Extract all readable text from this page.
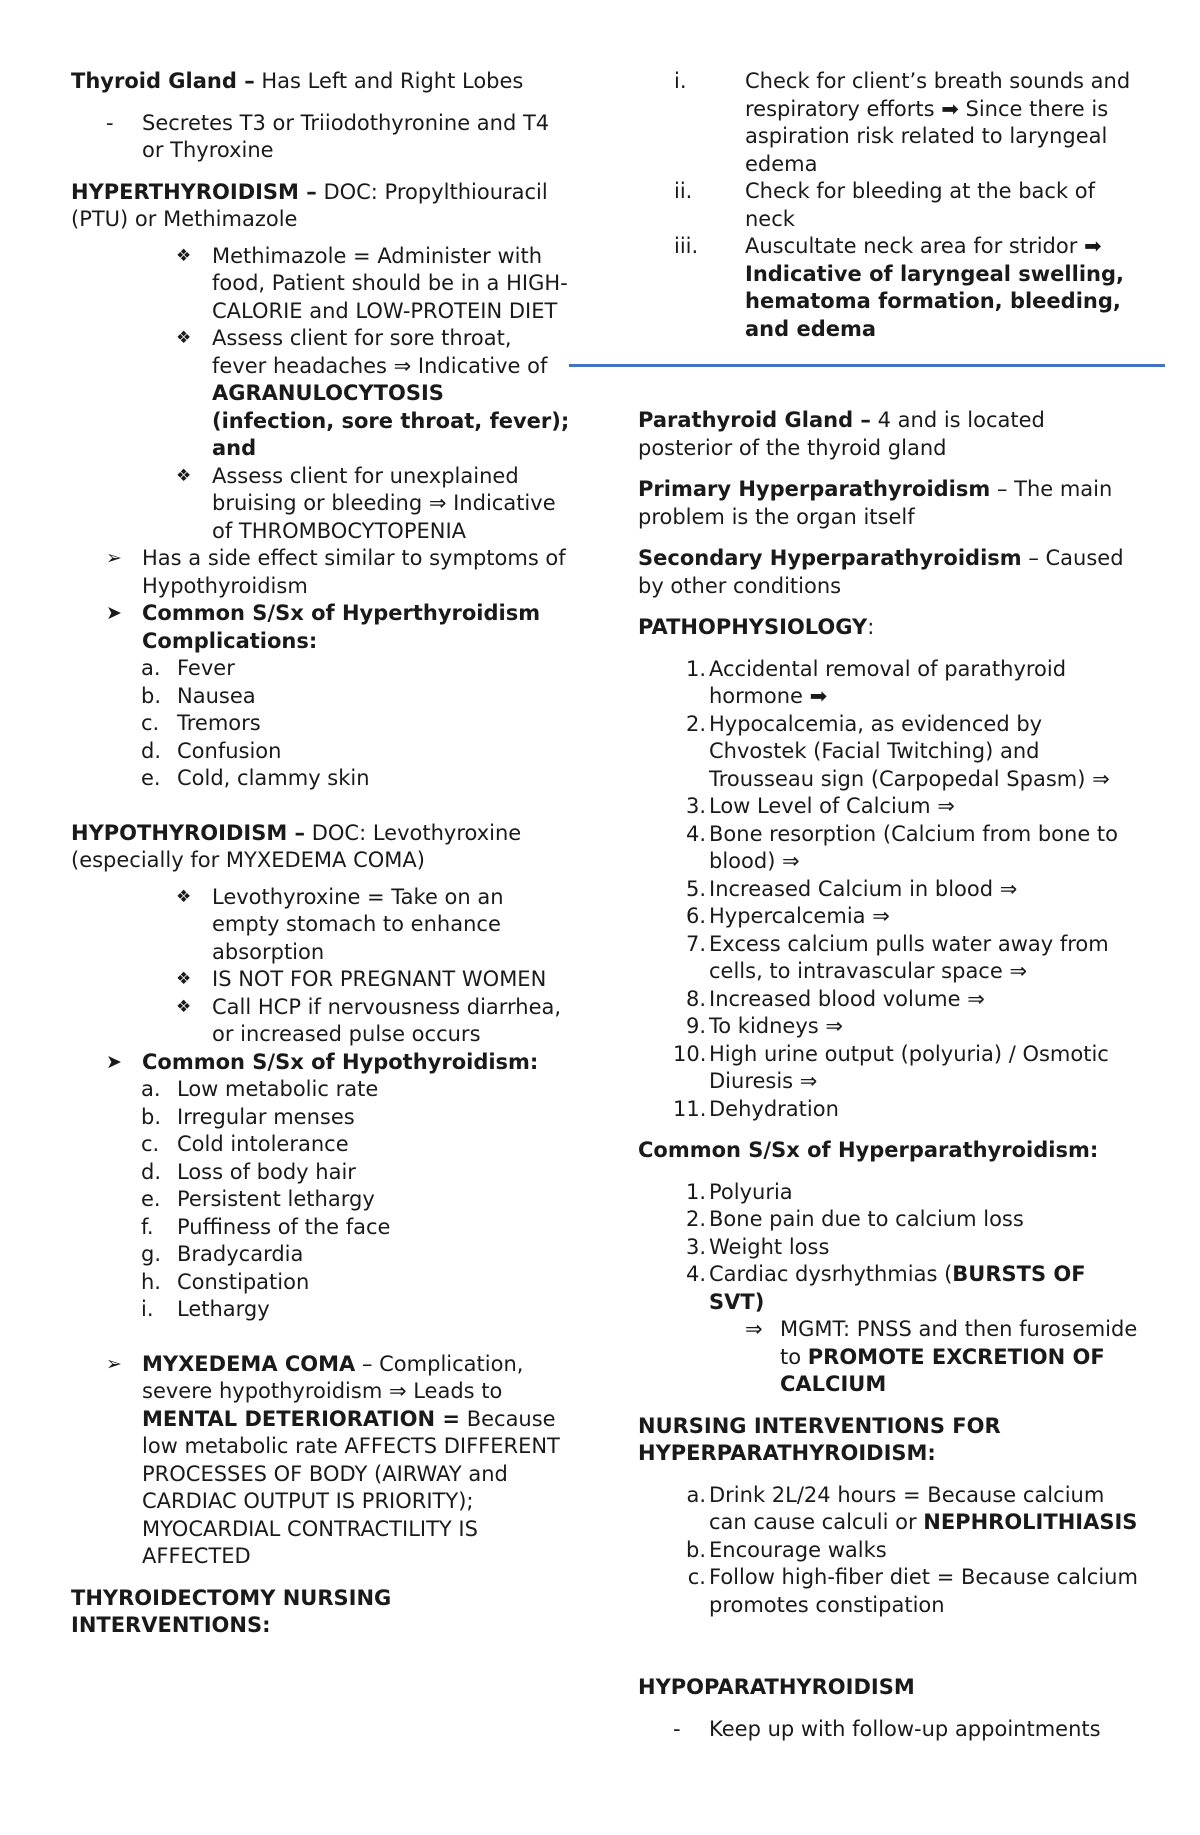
Thyroid Gland – Has Left and Right Lobes

- Secretes T3 or Triiodothyronine and T4 or Thyroxine

HYPERTHYROIDISM – DOC: Propylthiouracil (PTU) or Methimazole

❖ Methimazole = Administer with food, Patient should be in a HIGH-CALORIE and LOW-PROTEIN DIET
❖ Assess client for sore throat, fever headaches ⇒ Indicative of AGRANULOCYTOSIS (infection, sore throat, fever); and
❖ Assess client for unexplained bruising or bleeding ⇒ Indicative of THROMBOCYTOPENIA
➢ Has a side effect similar to symptoms of Hypothyroidism
➤ Common S/Sx of Hyperthyroidism Complications:
a. Fever
b. Nausea
c. Tremors
d. Confusion
e. Cold, clammy skin

HYPOTHYROIDISM – DOC: Levothyroxine (especially for MYXEDEMA COMA)

❖ Levothyroxine = Take on an empty stomach to enhance absorption
❖ IS NOT FOR PREGNANT WOMEN
❖ Call HCP if nervousness diarrhea, or increased pulse occurs
➤ Common S/Sx of Hypothyroidism:
a. Low metabolic rate
b. Irregular menses
c. Cold intolerance
d. Loss of body hair
e. Persistent lethargy
f. Puffiness of the face
g. Bradycardia
h. Constipation
i. Lethargy
➢ MYXEDEMA COMA – Complication, severe hypothyroidism ⇒ Leads to MENTAL DETERIORATION = Because low metabolic rate AFFECTS DIFFERENT PROCESSES OF BODY (AIRWAY and CARDIAC OUTPUT IS PRIORITY); MYOCARDIAL CONTRACTILITY IS AFFECTED

THYROIDECTOMY NURSING INTERVENTIONS:

i.	Check for client’s breath sounds and respiratory efforts ➡ Since there is aspiration risk related to laryngeal edema
ii.	Check for bleeding at the back of neck
iii. Auscultate neck area for stridor ➡ Indicative of laryngeal swelling, hematoma formation, bleeding, and edema

Parathyroid Gland – 4 and is located posterior of the thyroid gland

Primary Hyperparathyroidism – The main problem is the organ itself

Secondary Hyperparathyroidism – Caused by other conditions

PATHOPHYSIOLOGY:

1. Accidental removal of parathyroid hormone ➡
2. Hypocalcemia, as evidenced by Chvostek (Facial Twitching) and Trousseau sign (Carpopedal Spasm) ⇒
3. Low Level of Calcium ⇒
4. Bone resorption (Calcium from bone to blood) ⇒
5. Increased Calcium in blood ⇒
6. Hypercalcemia ⇒
7. Excess calcium pulls water away from cells, to intravascular space ⇒
8. Increased blood volume ⇒
9. To kidneys ⇒
10. High urine output (polyuria) / Osmotic Diuresis ⇒
11. Dehydration

Common S/Sx of Hyperparathyroidism:

1. Polyuria
2. Bone pain due to calcium loss
3. Weight loss
4. Cardiac dysrhythmias (BURSTS OF SVT)
⇒ MGMT: PNSS and then furosemide to PROMOTE EXCRETION OF CALCIUM

NURSING INTERVENTIONS FOR HYPERPARATHYROIDISM:

a. Drink 2L/24 hours = Because calcium can cause calculi or NEPHROLITHIASIS
b. Encourage walks
c. Follow high-fiber diet = Because calcium promotes constipation

HYPOPARATHYROIDISM

- Keep up with follow-up appointments
